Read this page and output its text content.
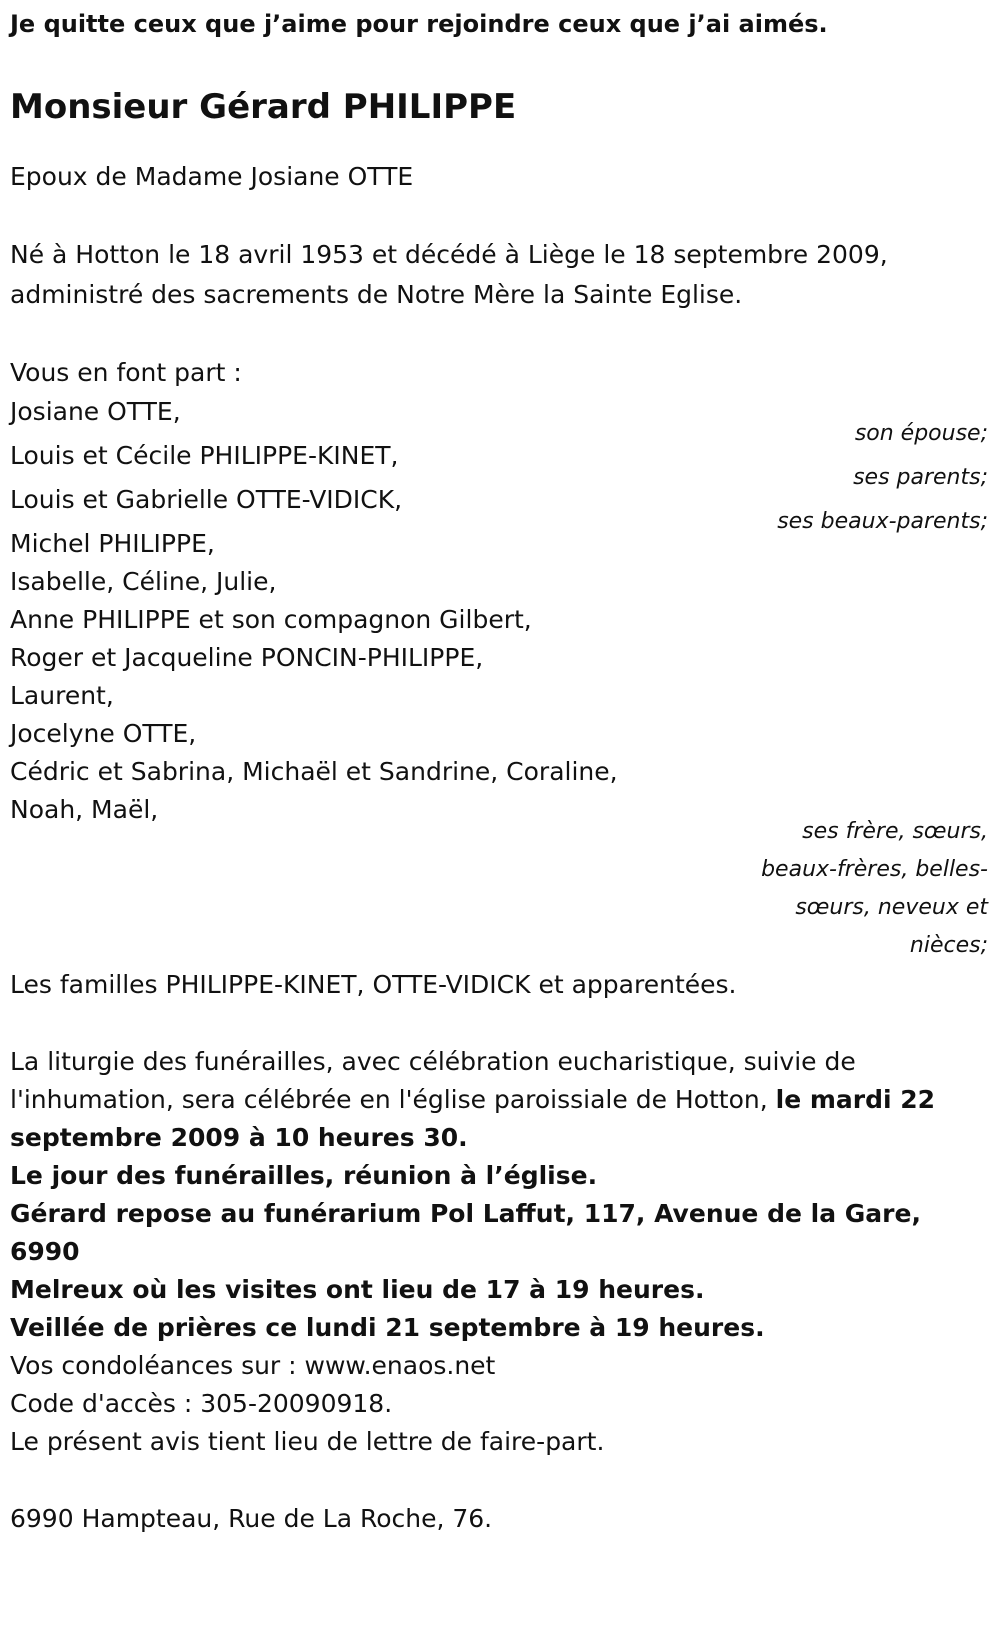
Je quitte ceux que j’aime pour rejoindre ceux que j’ai aimés.

Monsieur Gérard PHILIPPE

Epoux de Madame Josiane OTTE

Né à Hotton le 18 avril 1953 et décédé à Liège le 18 septembre 2009,
administré des sacrements de Notre Mère la Sainte Eglise.

Vous en font part :

Josiane OTTE,
son épouse;
Louis et Cécile PHILIPPE-KINET,
ses parents;
Louis et Gabrielle OTTE-VIDICK,
ses beaux-parents;
Michel PHILIPPE,
Isabelle, Céline, Julie,
Anne PHILIPPE et son compagnon Gilbert,
Roger et Jacqueline PONCIN-PHILIPPE,
Laurent,
Jocelyne OTTE,
Cédric et Sabrina, Michaël et Sandrine, Coraline,
Noah, Maël,
ses frère, sœurs,
beaux-frères, belles-
sœurs, neveux et
nièces;

Les familles PHILIPPE-KINET, OTTE-VIDICK et apparentées.

La liturgie des funérailles, avec célébration eucharistique, suivie de
l'inhumation, sera célébrée en l'église paroissiale de Hotton, le mardi 22
septembre 2009 à 10 heures 30.
Le jour des funérailles, réunion à l’église.
Gérard repose au funérarium Pol Laffut, 117, Avenue de la Gare, 6990
Melreux où les visites ont lieu de 17 à 19 heures.
Veillée de prières ce lundi 21 septembre à 19 heures.
Vos condoléances sur : www.enaos.net
Code d'accès : 305-20090918.
Le présent avis tient lieu de lettre de faire-part.

6990 Hampteau, Rue de La Roche, 76.
